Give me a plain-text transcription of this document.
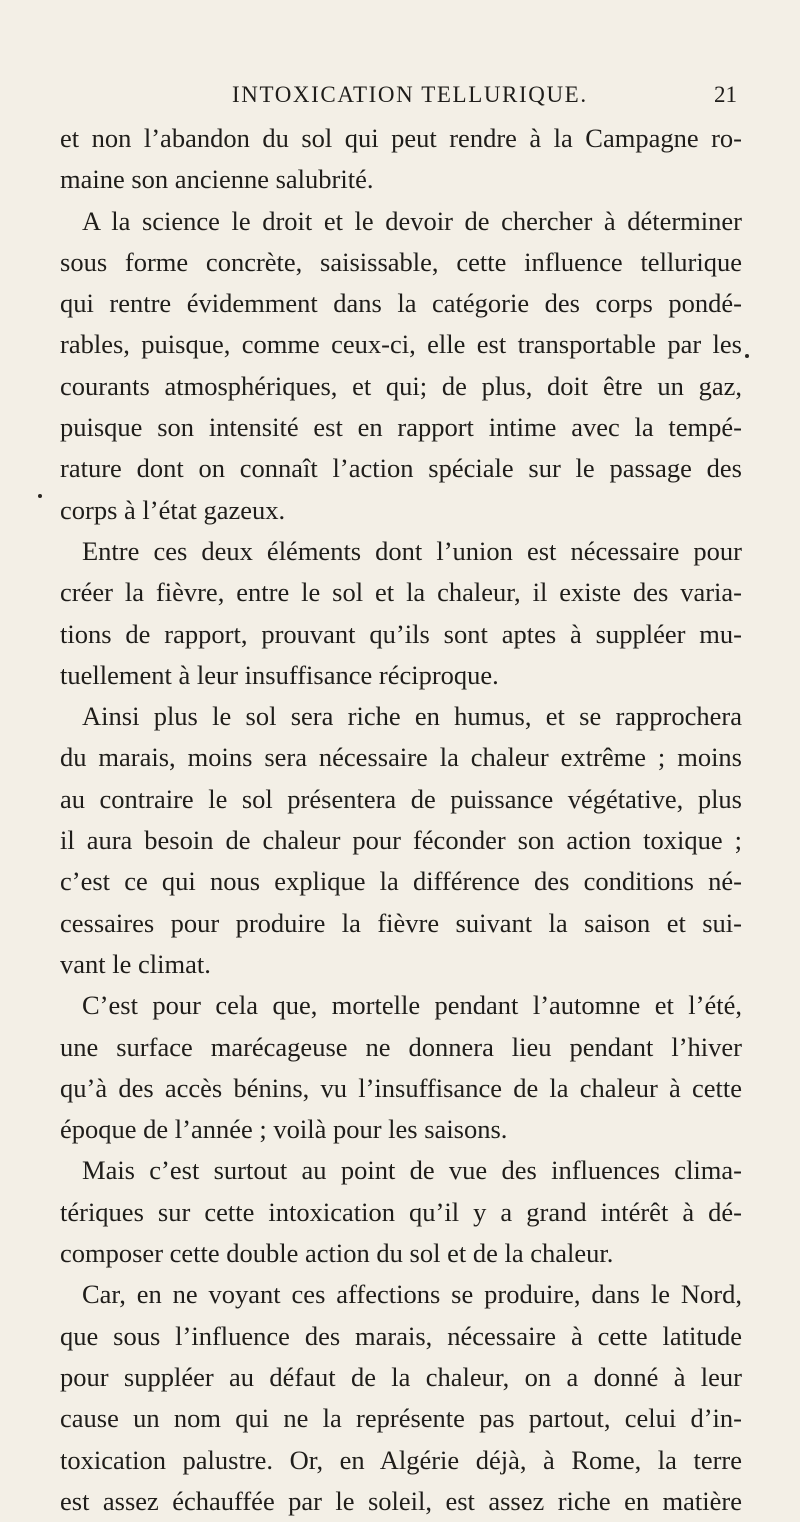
INTOXICATION TELLURIQUE.	21
et non l’abandon du sol qui peut rendre à la Campagne ro-
maine son ancienne salubrité.
A la science le droit et le devoir de chercher à déterminer
sous forme concrète, saisissable, cette influence tellurique
qui rentre évidemment dans la catégorie des corps pondé-
rables, puisque, comme ceux-ci, elle est transportable par les
courants atmosphériques, et qui; de plus, doit être un gaz,
puisque son intensité est en rapport intime avec la tempé-
rature dont on connaît l’action spéciale sur le passage des
corps à l’état gazeux.
Entre ces deux éléments dont l’union est nécessaire pour
créer la fièvre, entre le sol et la chaleur, il existe des varia-
tions de rapport, prouvant qu’ils sont aptes à suppléer mu-
tuellement à leur insuffisance réciproque.
Ainsi plus le sol sera riche en humus, et se rapprochera
du marais, moins sera nécessaire la chaleur extrême ; moins
au contraire le sol présentera de puissance végétative, plus
il aura besoin de chaleur pour féconder son action toxique ;
c’est ce qui nous explique la différence des conditions né-
cessaires pour produire la fièvre suivant la saison et sui-
vant le climat.
C’est pour cela que, mortelle pendant l’automne et l’été,
une surface marécageuse ne donnera lieu pendant l’hiver
qu’à des accès bénins, vu l’insuffisance de la chaleur à cette
époque de l’année ; voilà pour les saisons.
Mais c’est surtout au point de vue des influences clima-
tériques sur cette intoxication qu’il y a grand intérêt à dé-
composer cette double action du sol et de la chaleur.
Car, en ne voyant ces affections se produire, dans le Nord,
que sous l’influence des marais, nécessaire à cette latitude
pour suppléer au défaut de la chaleur, on a donné à leur
cause un nom qui ne la représente pas partout, celui d’in-
toxication palustre. Or, en Algérie déjà, à Rome, la terre
est assez échauffée par le soleil, est assez riche en matière
